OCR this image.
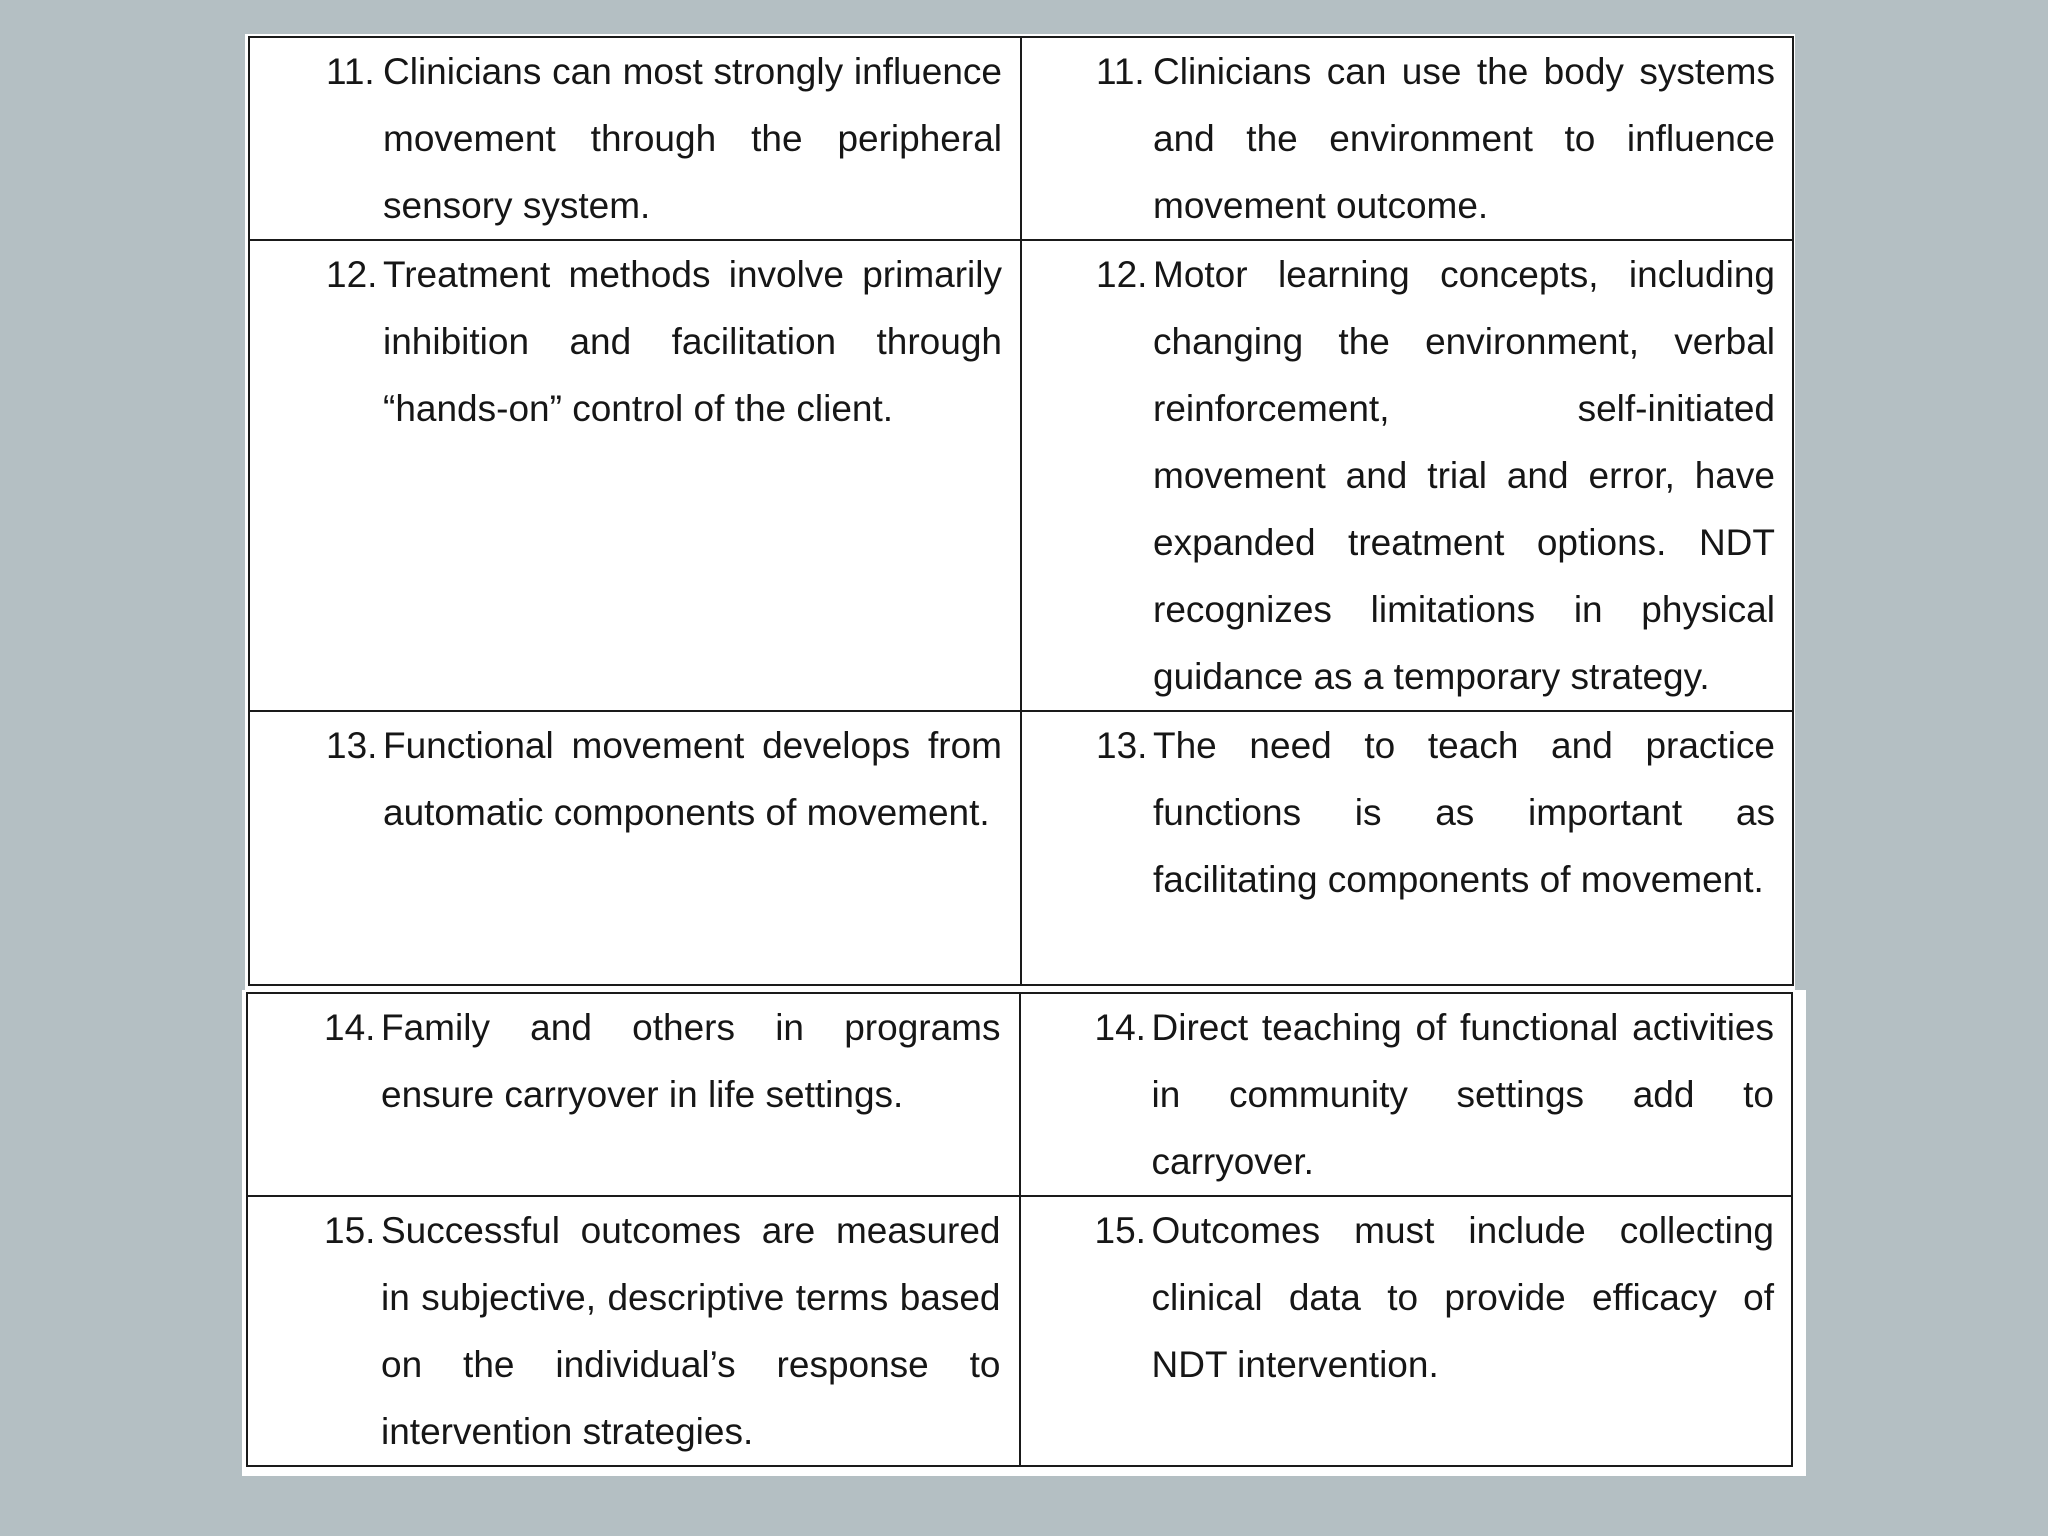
11. Clinicians can most strongly influence movement through the peripheral sensory system.	11. Clinicians can use the body systems and the environment to influence movement outcome.

12. Treatment methods involve primarily inhibition and facilitation through “hands-on” control of the client.	12. Motor learning concepts, including changing the environment, verbal reinforcement, self-initiated movement and trial and error, have expanded treatment options. NDT recognizes limitations in physical guidance as a temporary strategy.

13. Functional movement develops from automatic components of movement.	13. The need to teach and practice functions is as important as facilitating components of movement.

14. Family and others in programs ensure carryover in life settings.	14. Direct teaching of functional activities in community settings add to carryover.

15. Successful outcomes are measured in subjective, descriptive terms based on the individual’s response to intervention strategies.	15. Outcomes must include collecting clinical data to provide efficacy of NDT intervention.
